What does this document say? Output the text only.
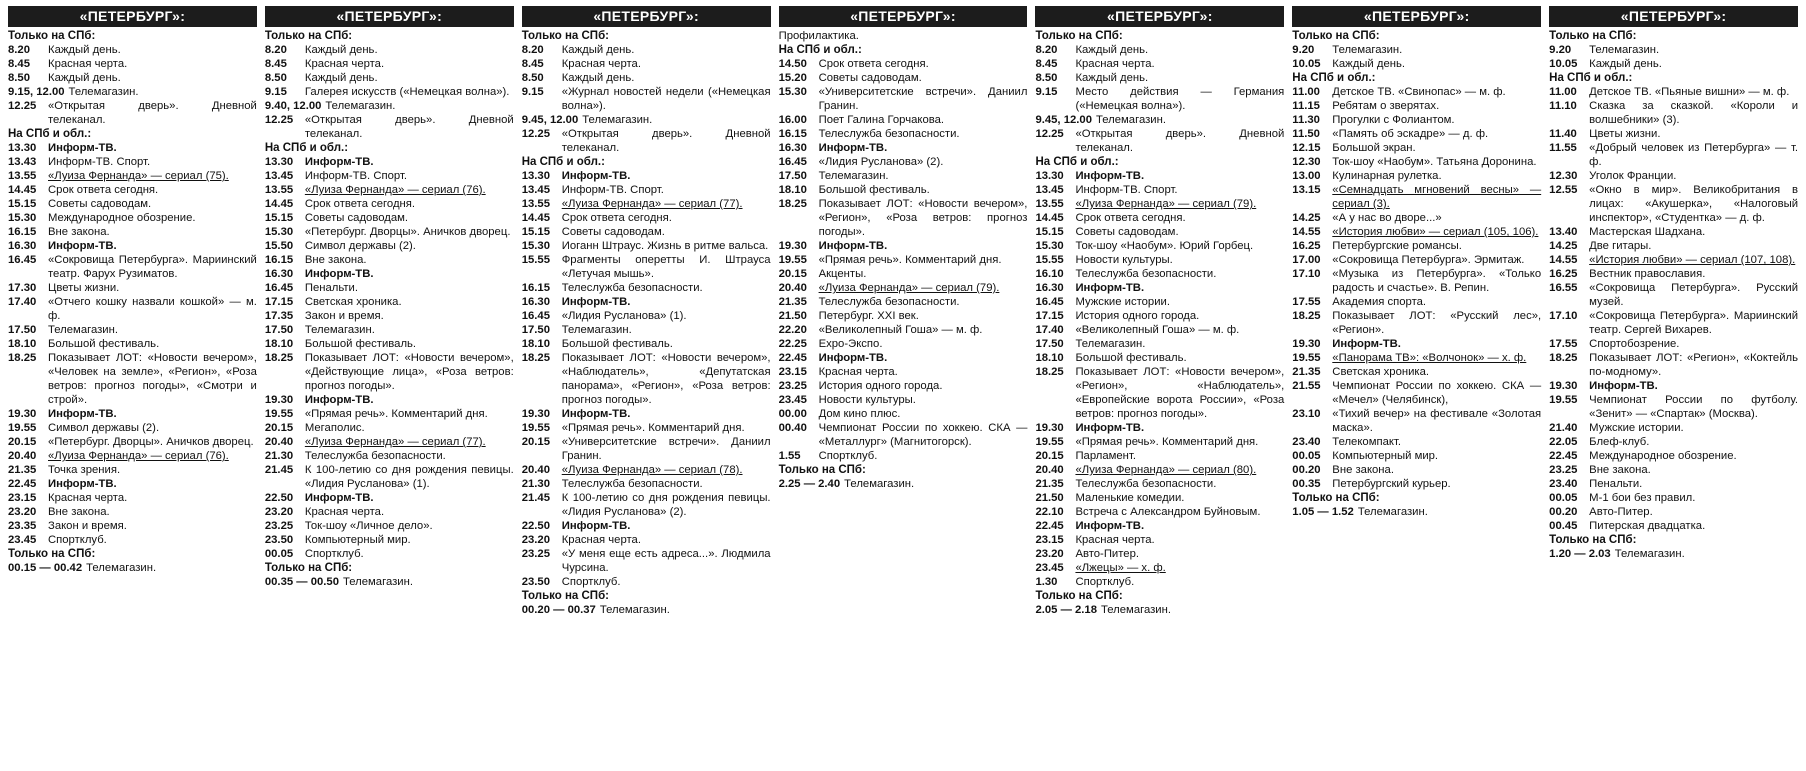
«ПЕТЕРБУРГ»:
Только на СПб:
8.20	Каждый день.
8.45	Красная черта.
8.50	Каждый день.
9.15, 12.00 Телемагазин.
12.25	«Открытая дверь». Дневной телеканал.
На СПб и обл.:
13.30	Информ-ТВ.
13.43	Информ-ТВ. Спорт.
13.55	«Луиза Фернанда» — сериал (75).
14.45	Срок ответа сегодня.
15.15	Советы садоводам.
15.30	Международное обозрение.
16.15	Вне закона.
16.30	Информ-ТВ.
16.45	«Сокровища Петербурга». Мариинский театр. Фарух Рузиматов.
17.30	Цветы жизни.
17.40	«Отчего кошку назвали кошкой» — м. ф.
17.50	Телемагазин.
18.10	Большой фестиваль.
18.25	Показывает ЛОТ: «Новости вечером», «Человек на земле», «Регион», «Роза ветров: прогноз погоды», «Смотри и строй».
19.30	Информ-ТВ.
19.55	Символ державы (2).
20.15	«Петербург. Дворцы». Аничков дворец.
20.40	«Луиза Фернанда» — сериал (76).
21.35	Точка зрения.
22.45	Информ-ТВ.
23.15	Красная черта.
23.20	Вне закона.
23.35	Закон и время.
23.45	Спортклуб.
Только на СПб:
00.15 — 00.42 Телемагазин.
«ПЕТЕРБУРГ»:
Только на СПб:
8.20	Каждый день.
8.45	Красная черта.
8.50	Каждый день.
9.15	Галерея искусств («Немецкая волна»).
9.40, 12.00 Телемагазин.
12.25	«Открытая дверь». Дневной телеканал.
На СПб и обл.:
13.30	Информ-ТВ.
13.45	Информ-ТВ. Спорт.
13.55	«Луиза Фернанда» — сериал (76).
14.45	Срок ответа сегодня.
15.15	Советы садоводам.
15.30	«Петербург. Дворцы». Аничков дворец.
15.50	Символ державы (2).
16.15	Вне закона.
16.30	Информ-ТВ.
16.45	Пенальти.
17.15	Светская хроника.
17.35	Закон и время.
17.50	Телемагазин.
18.10	Большой фестиваль.
18.25	Показывает ЛОТ: «Новости вечером», «Действующие лица», «Роза ветров: прогноз погоды».
19.30	Информ-ТВ.
19.55	«Прямая речь». Комментарий дня.
20.15	Мегаполис.
20.40	«Луиза Фернанда» — сериал (77).
21.30	Телеслужба безопасности.
21.45	К 100-летию со дня рождения певицы. «Лидия Русланова» (1).
22.50	Информ-ТВ.
23.20	Красная черта.
23.25	Ток-шоу «Личное дело».
23.50	Компьютерный мир.
00.05	Спортклуб.
Только на СПб:
00.35 — 00.50 Телемагазин.
«ПЕТЕРБУРГ»:
Только на СПб:
8.20	Каждый день.
8.45	Красная черта.
8.50	Каждый день.
9.15	«Журнал новостей недели («Немецкая волна»).
9.45, 12.00 Телемагазин.
12.25	«Открытая дверь». Дневной телеканал.
На СПб и обл.:
13.30	Информ-ТВ.
13.45	Информ-ТВ. Спорт.
13.55	«Луиза Фернанда» — сериал (77).
14.45	Срок ответа сегодня.
15.15	Советы садоводам.
15.30	Иоганн Штраус. Жизнь в ритме вальса.
15.55	Фрагменты оперетты И. Штрауса «Летучая мышь».
16.15	Телеслужба безопасности.
16.30	Информ-ТВ.
16.45	«Лидия Русланова» (1).
17.50	Телемагазин.
18.10	Большой фестиваль.
18.25	Показывает ЛОТ: «Новости вечером», «Наблюдатель», «Депутатская панорама», «Регион», «Роза ветров: прогноз погоды».
19.30	Информ-ТВ.
19.55	«Прямая речь». Комментарий дня.
20.15	«Университетские встречи». Даниил Гранин.
20.40	«Луиза Фернанда» — сериал (78).
21.30	Телеслужба безопасности.
21.45	К 100-летию со дня рождения певицы. «Лидия Русланова» (2).
22.50	Информ-ТВ.
23.20	Красная черта.
23.25	«У меня еще есть адреса...». Людмила Чурсина.
23.50	Спортклуб.
Только на СПб:
00.20 — 00.37 Телемагазин.
«ПЕТЕРБУРГ»:
Профилактика.
На СПб и обл.:
14.50	Срок ответа сегодня.
15.20	Советы садоводам.
15.30	«Университетские встречи». Даниил Гранин.
16.00	Поет Галина Горчакова.
16.15	Телеслужба безопасности.
16.30	Информ-ТВ.
16.45	«Лидия Русланова» (2).
17.50	Телемагазин.
18.10	Большой фестиваль.
18.25	Показывает ЛОТ: «Новости вечером», «Регион», «Роза ветров: прогноз погоды».
19.30	Информ-ТВ.
19.55	«Прямая речь». Комментарий дня.
20.15	Акценты.
20.40	«Луиза Фернанда» — сериал (79).
21.35	Телеслужба безопасности.
21.50	Петербург. XXI век.
22.20	«Великолепный Гоша» — м. ф.
22.25	Expo-Экспо.
22.45	Информ-ТВ.
23.15	Красная черта.
23.25	История одного города.
23.45	Новости культуры.
00.00	Дом кино плюс.
00.40	Чемпионат России по хоккею. СКА — «Металлург» (Магнитогорск).
1.55	Спортклуб.
Только на СПб:
2.25 — 2.40 Телемагазин.
«ПЕТЕРБУРГ»:
Только на СПб:
8.20	Каждый день.
8.45	Красная черта.
8.50	Каждый день.
9.15	Место действия — Германия («Немецкая волна»).
9.45, 12.00 Телемагазин.
12.25	«Открытая дверь». Дневной телеканал.
На СПб и обл.:
13.30	Информ-ТВ.
13.45	Информ-ТВ. Спорт.
13.55	«Луиза Фернанда» — сериал (79).
14.45	Срок ответа сегодня.
15.15	Советы садоводам.
15.30	Ток-шоу «Наобум». Юрий Горбец.
15.55	Новости культуры.
16.10	Телеслужба безопасности.
16.30	Информ-ТВ.
16.45	Мужские истории.
17.15	История одного города.
17.40	«Великолепный Гоша» — м. ф.
17.50	Телемагазин.
18.10	Большой фестиваль.
18.25	Показывает ЛОТ: «Новости вечером», «Регион», «Наблюдатель», «Европейские ворота России», «Роза ветров: прогноз погоды».
19.30	Информ-ТВ.
19.55	«Прямая речь». Комментарий дня.
20.15	Парламент.
20.40	«Луиза Фернанда» — сериал (80).
21.35	Телеслужба безопасности.
21.50	Маленькие комедии.
22.10	Встреча с Александром Буйновым.
22.45	Информ-ТВ.
23.15	Красная черта.
23.20	Авто-Питер.
23.45	«Лжецы» — х. ф.
1.30	Спортклуб.
Только на СПб:
2.05 — 2.18 Телемагазин.
«ПЕТЕРБУРГ»:
Только на СПб:
9.20	Телемагазин.
10.05	Каждый день.
На СПб и обл.:
11.00	Детское ТВ. «Свинопас» — м. ф.
11.15	Ребятам о зверятах.
11.30	Прогулки с Фолиантом.
11.50	«Память об эскадре» — д. ф.
12.15	Большой экран.
12.30	Ток-шоу «Наобум». Татьяна Доронина.
13.00	Кулинарная рулетка.
13.15	«Семнадцать мгновений весны» — сериал (3).
14.25	«А у нас во дворе...»
14.55	«История любви» — сериал (105, 106).
16.25	Петербургские романсы.
17.00	«Сокровища Петербурга». Эрмитаж.
17.10	«Музыка из Петербурга». «Только радость и счастье». В. Репин.
17.55	Академия спорта.
18.25	Показывает ЛОТ: «Русский лес», «Регион».
19.30	Информ-ТВ.
19.55	«Панорама ТВ»: «Волчонок» — х. ф.
21.35	Светская хроника.
21.55	Чемпионат России по хоккею. СКА — «Мечел» (Челябинск),
23.10	«Тихий вечер» на фестивале «Золотая маска».
23.40	Телекомпакт.
00.05	Компьютерный мир.
00.20	Вне закона.
00.35	Петербургский курьер.
Только на СПб:
1.05 — 1.52 Телемагазин.
«ПЕТЕРБУРГ»:
Только на СПб:
9.20	Телемагазин.
10.05	Каждый день.
На СПб и обл.:
11.00	Детское ТВ. «Пьяные вишни» — м. ф.
11.10	Сказка за сказкой. «Короли и волшебники» (3).
11.40	Цветы жизни.
11.55	«Добрый человек из Петербурга» — т. ф.
12.30	Уголок Франции.
12.55	«Окно в мир». Великобритания в лицах: «Акушерка», «Налоговый инспектор», «Студентка» — д. ф.
13.40	Мастерская Шадхана.
14.25	Две гитары.
14.55	«История любви» — сериал (107, 108).
16.25	Вестник православия.
16.55	«Сокровища Петербурга». Русский музей.
17.10	«Сокровища Петербурга». Мариинский театр. Сергей Вихарев.
17.55	Спортобозрение.
18.25	Показывает ЛОТ: «Регион», «Коктейль по-модному».
19.30	Информ-ТВ.
19.55	Чемпионат России по футболу. «Зенит» — «Спартак» (Москва).
21.40	Мужские истории.
22.05	Блеф-клуб.
22.45	Международное обозрение.
23.25	Вне закона.
23.40	Пенальти.
00.05	М-1 бои без правил.
00.20	Авто-Питер.
00.45	Питерская двадцатка.
Только на СПб:
1.20 — 2.03 Телемагазин.
